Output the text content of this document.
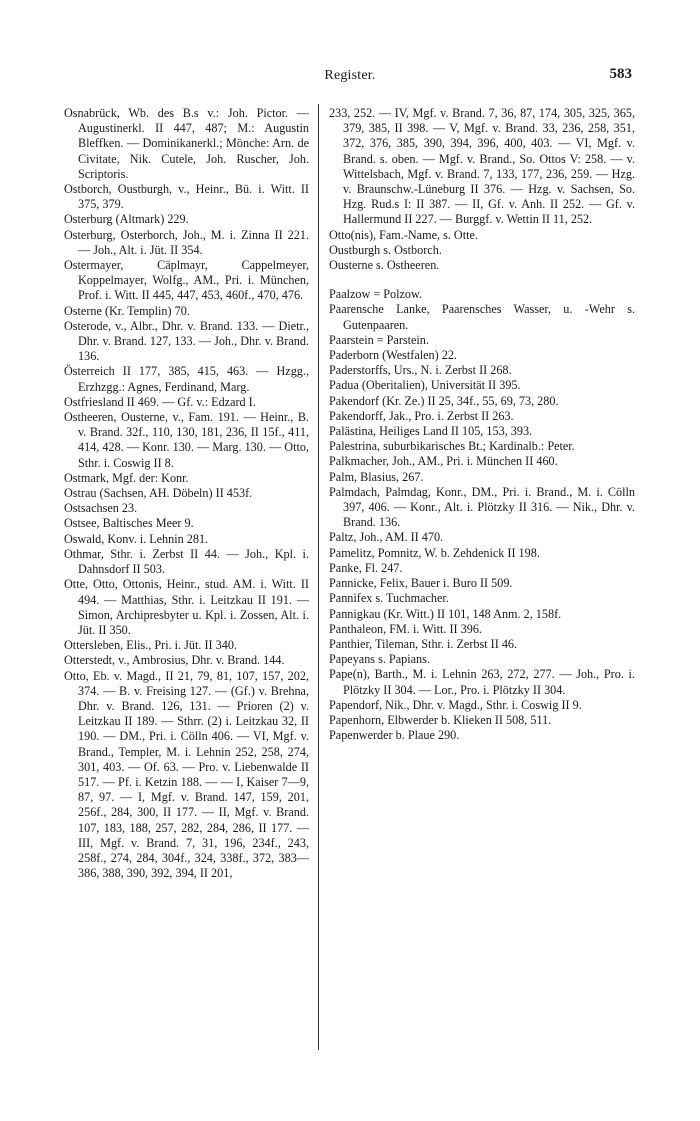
Register.	583

Osnabrück, Wb. des B.s v.: Joh. Pictor. — Augustinerkl. II 447, 487; M.: Augustin Bleffken. — Dominikanerkl.; Mönche: Arn. de Civitate, Nik. Cutele, Joh. Ruscher, Joh. Scriptoris.

Ostborch, Oustburgh, v., Heinr., Bü. i. Witt. II 375, 379.

Osterburg (Altmark) 229.

Osterburg, Osterborch, Joh., M. i. Zinna II 221. — Joh., Alt. i. Jüt. II 354.

Ostermayer, Cäplmayr, Cappelmeyer, Koppelmayer, Wolfg., AM., Pri. i. München, Prof. i. Witt. II 445, 447, 453, 460f., 470, 476.

Osterne (Kr. Templin) 70.

Osterode, v., Albr., Dhr. v. Brand. 133. — Dietr., Dhr. v. Brand. 127, 133. — Joh., Dhr. v. Brand. 136.

Österreich II 177, 385, 415, 463. — Hzgg., Erzhzgg.: Agnes, Ferdinand, Marg.

Ostfriesland II 469. — Gf. v.: Edzard I.

Ostheeren, Ousterne, v., Fam. 191. — Heinr., B. v. Brand. 32f., 110, 130, 181, 236, II 15f., 411, 414, 428. — Konr. 130. — Marg. 130. — Otto, Sthr. i. Coswig II 8.

Ostmark, Mgf. der: Konr.

Ostrau (Sachsen, AH. Döbeln) II 453f.

Ostsachsen 23.

Ostsee, Baltisches Meer 9.

Oswald, Konv. i. Lehnin 281.

Othmar, Sthr. i. Zerbst II 44. — Joh., Kpl. i. Dahnsdorf II 503.

Otte, Otto, Ottonis, Heinr., stud. AM. i. Witt. II 494. — Matthias, Sthr. i. Leitzkau II 191. — Simon, Archipresbyter u. Kpl. i. Zossen, Alt. i. Jüt. II 350.

Ottersleben, Elis., Pri. i. Jüt. II 340.

Otterstedt, v., Ambrosius, Dhr. v. Brand. 144.

Otto, Eb. v. Magd., II 21, 79, 81, 107, 157, 202, 374. — B. v. Freising 127. — (Gf.) v. Brehna, Dhr. v. Brand. 126, 131. — Prioren (2) v. Leitzkau II 189. — Sthrr. (2) i. Leitzkau 32, II 190. — DM., Pri. i. Cölln 406. — VI, Mgf. v. Brand., Templer, M. i. Lehnin 252, 258, 274, 301, 403. — Of. 63. — Pro. v. Liebenwalde II 517. — Pf. i. Ketzin 188. — — I, Kaiser 7—9, 87, 97. — I, Mgf. v. Brand. 147, 159, 201, 256f., 284, 300, II 177. — II, Mgf. v. Brand. 107, 183, 188, 257, 282, 284, 286, II 177. — III, Mgf. v. Brand. 7, 31, 196, 234f., 243, 258f., 274, 284, 304f., 324, 338f., 372, 383—386, 388, 390, 392, 394, II 201,

233, 252. — IV, Mgf. v. Brand. 7, 36, 87, 174, 305, 325, 365, 379, 385, II 398. — V, Mgf. v. Brand. 33, 236, 258, 351, 372, 376, 385, 390, 394, 396, 400, 403. — VI, Mgf. v. Brand. s. oben. — Mgf. v. Brand., So. Ottos V: 258. — v. Wittelsbach, Mgf. v. Brand. 7, 133, 177, 236, 259. — Hzg. v. Braunschw.-Lüneburg II 376. — Hzg. v. Sachsen, So. Hzg. Rud.s I: II 387. — II, Gf. v. Anh. II 252. — Gf. v. Hallermund II 227. — Burggf. v. Wettin II 11, 252.

Otto(nis), Fam.-Name, s. Otte.

Oustburgh s. Ostborch.

Ousterne s. Ostheeren.

Paalzow = Polzow.

Paarensche Lanke, Paarensches Wasser, u. -Wehr s. Gutenpaaren.

Paarstein = Parstein.

Paderborn (Westfalen) 22.

Paderstorffs, Urs., N. i. Zerbst II 268.

Padua (Oberitalien), Universität II 395.

Pakendorf (Kr. Ze.) II 25, 34f., 55, 69, 73, 280.

Pakendorff, Jak., Pro. i. Zerbst II 263.

Palästina, Heiliges Land II 105, 153, 393.

Palestrina, suburbikarisches Bt.; Kardinalb.: Peter.

Palkmacher, Joh., AM., Pri. i. München II 460.

Palm, Blasius, 267.

Palmdach, Palmdag, Konr., DM., Pri. i. Brand., M. i. Cölln 397, 406. — Konr., Alt. i. Plötzky II 316. — Nik., Dhr. v. Brand. 136.

Paltz, Joh., AM. II 470.

Pamelitz, Pomnitz, W. b. Zehdenick II 198.

Panke, Fl. 247.

Pannicke, Felix, Bauer i. Buro II 509.

Pannifex s. Tuchmacher.

Pannigkau (Kr. Witt.) II 101, 148 Anm. 2, 158f.

Panthaleon, FM. i. Witt. II 396.

Panthier, Tileman, Sthr. i. Zerbst II 46.

Papeyans s. Papians.

Pape(n), Barth., M. i. Lehnin 263, 272, 277. — Joh., Pro. i. Plötzky II 304. — Lor., Pro. i. Plötzky II 304.

Papendorf, Nik., Dhr. v. Magd., Sthr. i. Coswig II 9.

Papenhorn, Elbwerder b. Klieken II 508, 511.

Papenwerder b. Plaue 290.
